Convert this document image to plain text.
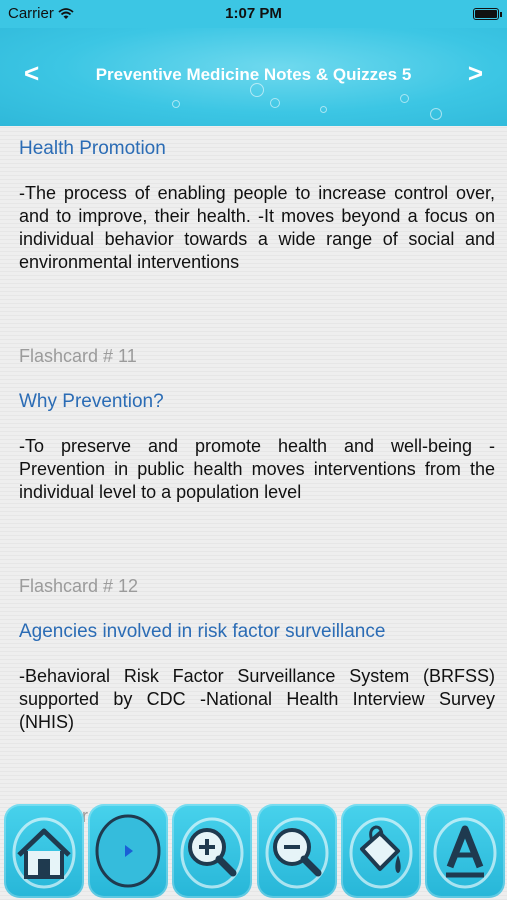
Carrier	1:07 PM
<	Preventive Medicine Notes & Quizzes 5	>
Health Promotion
-The process of enabling people to increase control over, and to improve, their health. -It moves beyond a focus on individual behavior towards a wide range of social and environmental interventions
Flashcard # 11
Why Prevention?
-To preserve and promote health and well-being -Prevention in public health moves interventions from the individual level to a population level
Flashcard # 12
Agencies involved in risk factor surveillance
-Behavioral Risk Factor Surveillance System (BRFSS) supported by CDC -National Health Interview Survey (NHIS)
